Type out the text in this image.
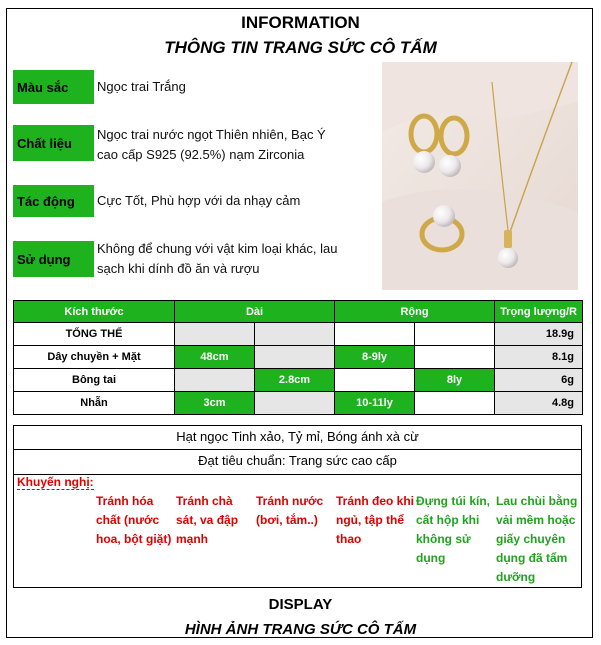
INFORMATION
THÔNG TIN TRANG SỨC CÔ TẤM
Màu sắc	Ngọc trai Trắng
Chất liệu
Ngọc trai nước ngọt Thiên nhiên, Bạc Ý cao cấp S925 (92.5%) nạm Zirconia
Tác động	Cực Tốt, Phù hợp với da nhạy cảm
Sử dụng
Không để chung với vật kim loại khác, lau sạch khi dính đồ ăn và rượu
Kích thước	Dài		Rộng		Trọng lượng/R
TỔNG THỂ					18.9g
Dây chuyền + Mặt	48cm		8-9ly		8.1g
Bông tai		2.8cm		8ly	6g
Nhẫn	3cm		10-11ly		4.8g
Hạt ngọc Tinh xảo, Tỷ mỉ, Bóng ánh xà cừ
Đạt tiêu chuẩn: Trang sức cao cấp
Khuyến nghị:
Tránh hóa chất (nước hoa, bột giặt)
Tránh chà sát, va đập mạnh
Tránh nước (bơi, tắm..)
Tránh đeo khi ngủ, tập thể thao
Đựng túi kín, cất hộp khi không sử dụng
Lau chùi bằng vải mềm hoặc giấy chuyên dụng đã tẩm dưỡng
DISPLAY
HÌNH ẢNH TRANG SỨC CÔ TẤM
